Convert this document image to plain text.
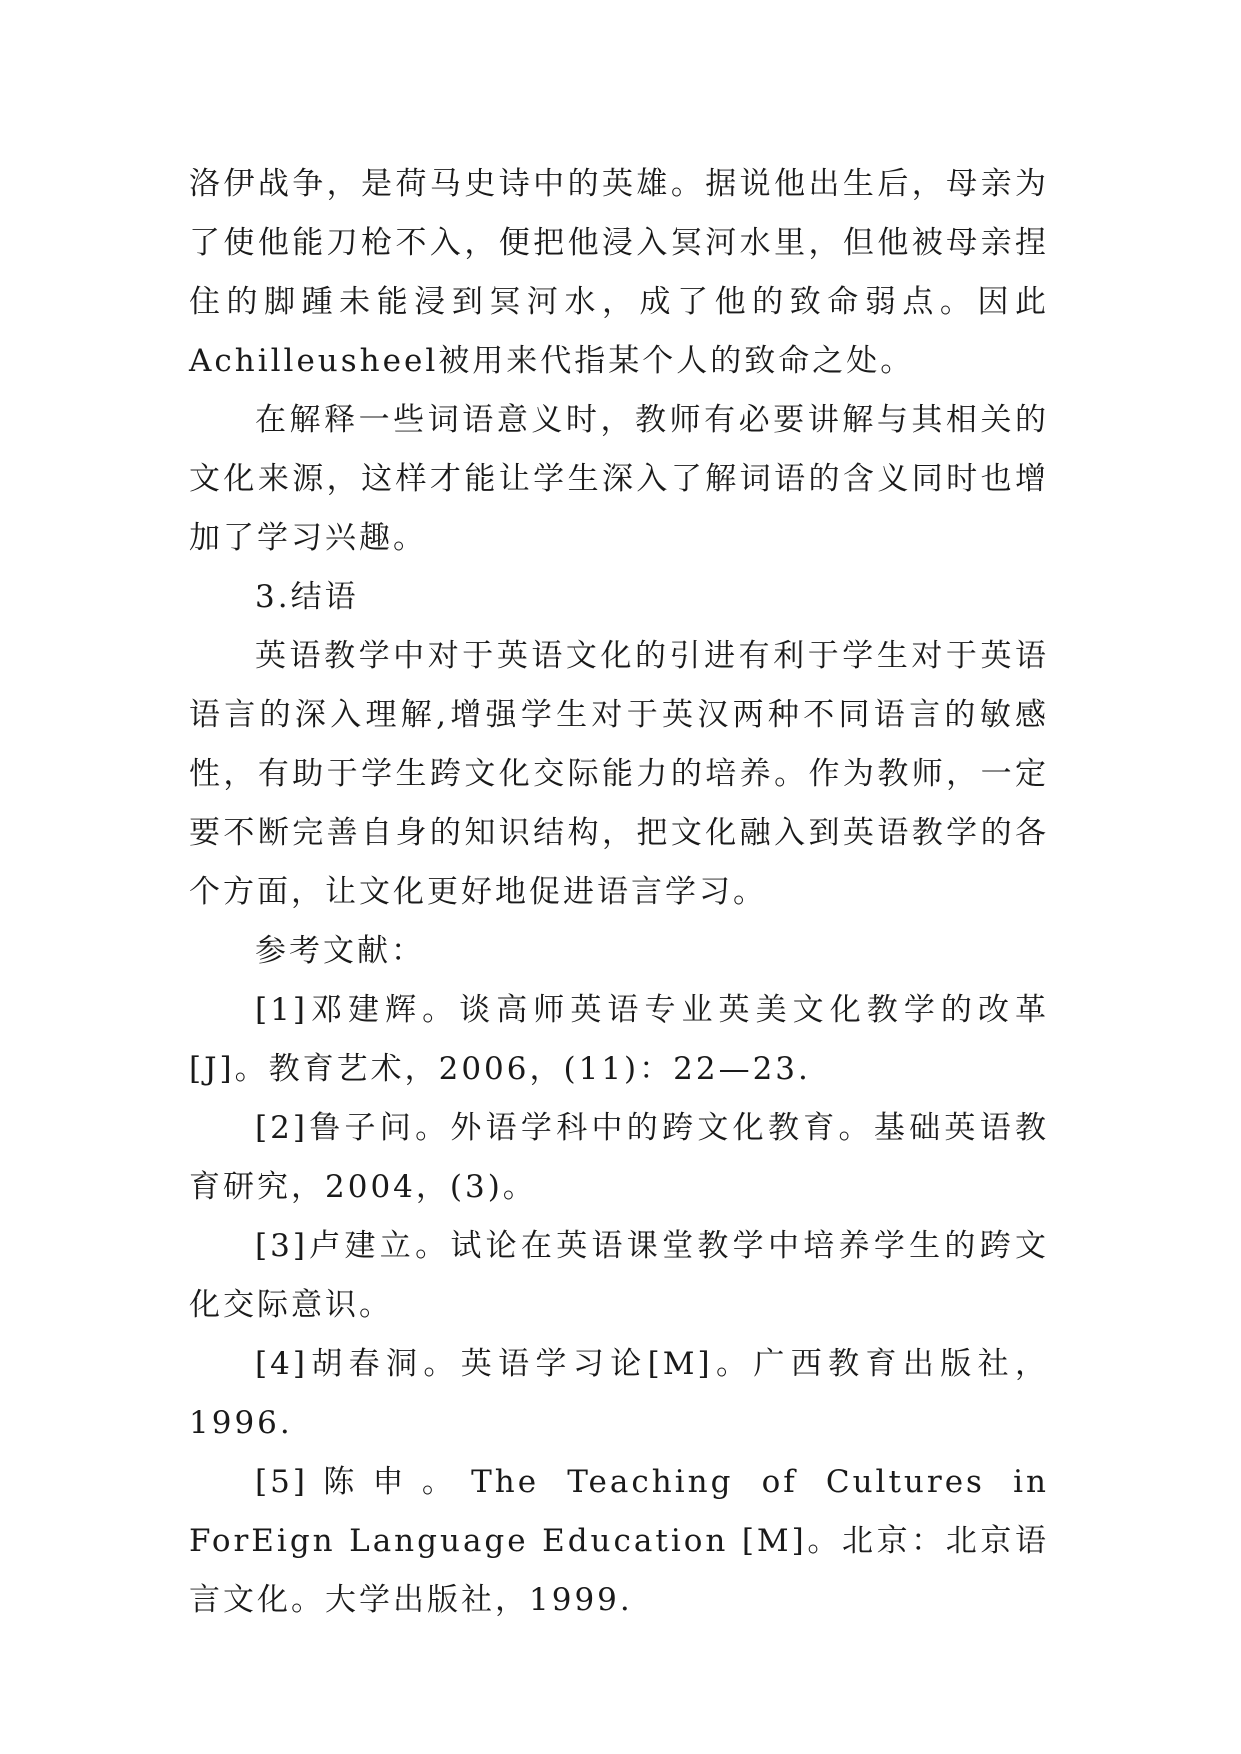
洛伊战争，是荷马史诗中的英雄。据说他出生后，母亲为了使他能刀枪不入，便把他浸入冥河水里，但他被母亲捏住的脚踵未能浸到冥河水，成了他的致命弱点。因此Achilleusheel被用来代指某个人的致命之处。

在解释一些词语意义时，教师有必要讲解与其相关的文化来源，这样才能让学生深入了解词语的含义同时也增加了学习兴趣。

3.结语

英语教学中对于英语文化的引进有利于学生对于英语语言的深入理解,增强学生对于英汉两种不同语言的敏感性，有助于学生跨文化交际能力的培养。作为教师，一定要不断完善自身的知识结构，把文化融入到英语教学的各个方面，让文化更好地促进语言学习。

参考文献：

[1]邓建辉。谈高师英语专业英美文化教学的改革[J]。教育艺术，2006，(11)：22—23.

[2]鲁子问。外语学科中的跨文化教育。基础英语教育研究，2004，(3)。

[3]卢建立。试论在英语课堂教学中培养学生的跨文化交际意识。

[4]胡春洞。英语学习论[M]。广西教育出版社，1996.

[5]陈申。The Teaching of Cultures in ForEign Language Education [M]。北京：北京语言文化。大学出版社，1999.
